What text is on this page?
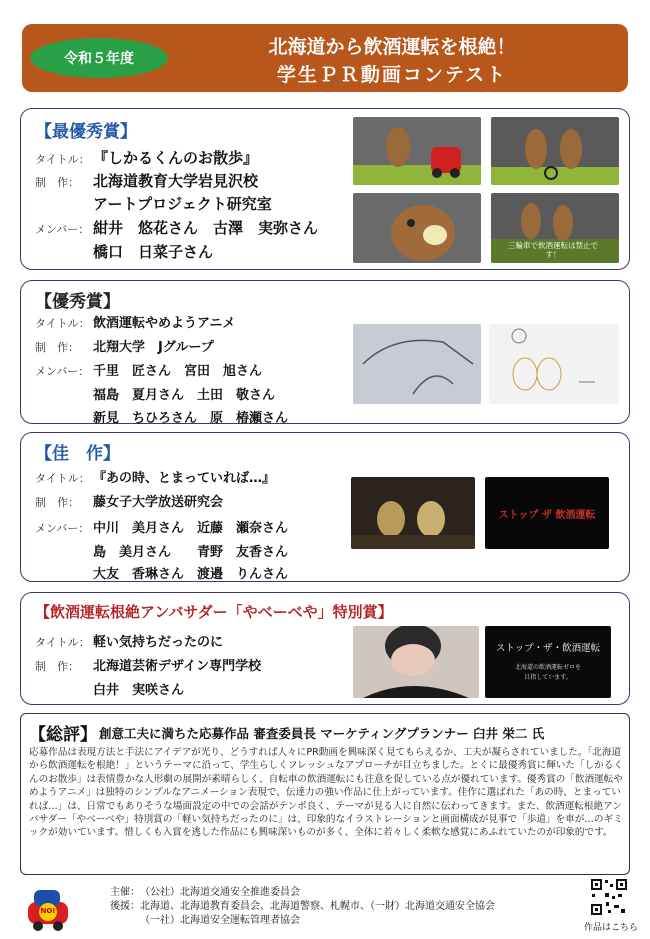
令和５年度
北海道から飲酒運転を根絶！
学生ＰＲ動画コンテスト
【最優秀賞】
タイトル： 『しかるくんのお散歩』
制　作： 北海道教育大学岩見沢校
アートプロジェクト研究室
メンバー： 紺井　悠花さん　古澤　実弥さん
橋口　日菜子さん	三輪車で飲酒運転は禁止です！
【優秀賞】
タイトル： 飲酒運転やめようアニメ
制　作： 北翔大学　Jグループ
メンバー： 千里　匠さん　宮田　旭さん
福島　夏月さん　土田　敬さん
新見　ちひろさん　原　椿瀬さん
【佳　作】
タイトル： 『あの時、とまっていれば…』
制　作： 藤女子大学放送研究会
メンバー： 中川　美月さん　近藤　瀬奈さん
島　美月さん　　青野　友香さん
大友　香琳さん　渡邉　りんさん
ストップ ザ 飲酒運転
【飲酒運転根絶アンバサダー「やべーべや」特別賞】
タイトル： 軽い気持ちだったのに
制　作： 北海道芸術デザイン専門学校
白井　実咲さん
ストップ・ザ・飲酒運転
北海道の飲酒運転ゼロを
目指しています。
【総評】 創意工夫に満ちた応募作品 審査委員長 マーケティングプランナー 臼井 栄二 氏
応募作品は表現方法と手法にアイデアが光り、どうすれば人々にPR動画を興味深く見てもらえるか、工夫が凝らされていました。「北海道から飲酒運転を根絶！」というテーマに沿って、学生らしくフレッシュなアプローチが目立ちました。とくに最優秀賞に輝いた「しかるくんのお散歩」は表情豊かな人形劇の展開が素晴らしく、自転車の飲酒運転にも注意を促している点が優れています。優秀賞の「飲酒運転やめようアニメ」は独特のシンプルなアニメーション表現で、伝達力の強い作品に仕上がっています。佳作に選ばれた「あの時、とまっていれば…」は、日常でもありそうな場面設定の中での会話がテンポ良く、テーマが見る人に自然に伝わってきます。また、飲酒運転根絶アンバサダー「やべーべや」特別賞の「軽い気持ちだったのに」は、印象的なイラストレーションと画面構成が見事で「歩道」を車が…のギミックが効いています。惜しくも入賞を逃した作品にも興味深いものが多く、全体に若々しく柔軟な感覚にあふれていたのが印象的です。
NO!
主催：（公社）北海道交通安全推進委員会
後援：北海道、北海道教育委員会、北海道警察、札幌市、（一財）北海道交通安全協会
（一社）北海道安全運転管理者協会
作品はこちら
